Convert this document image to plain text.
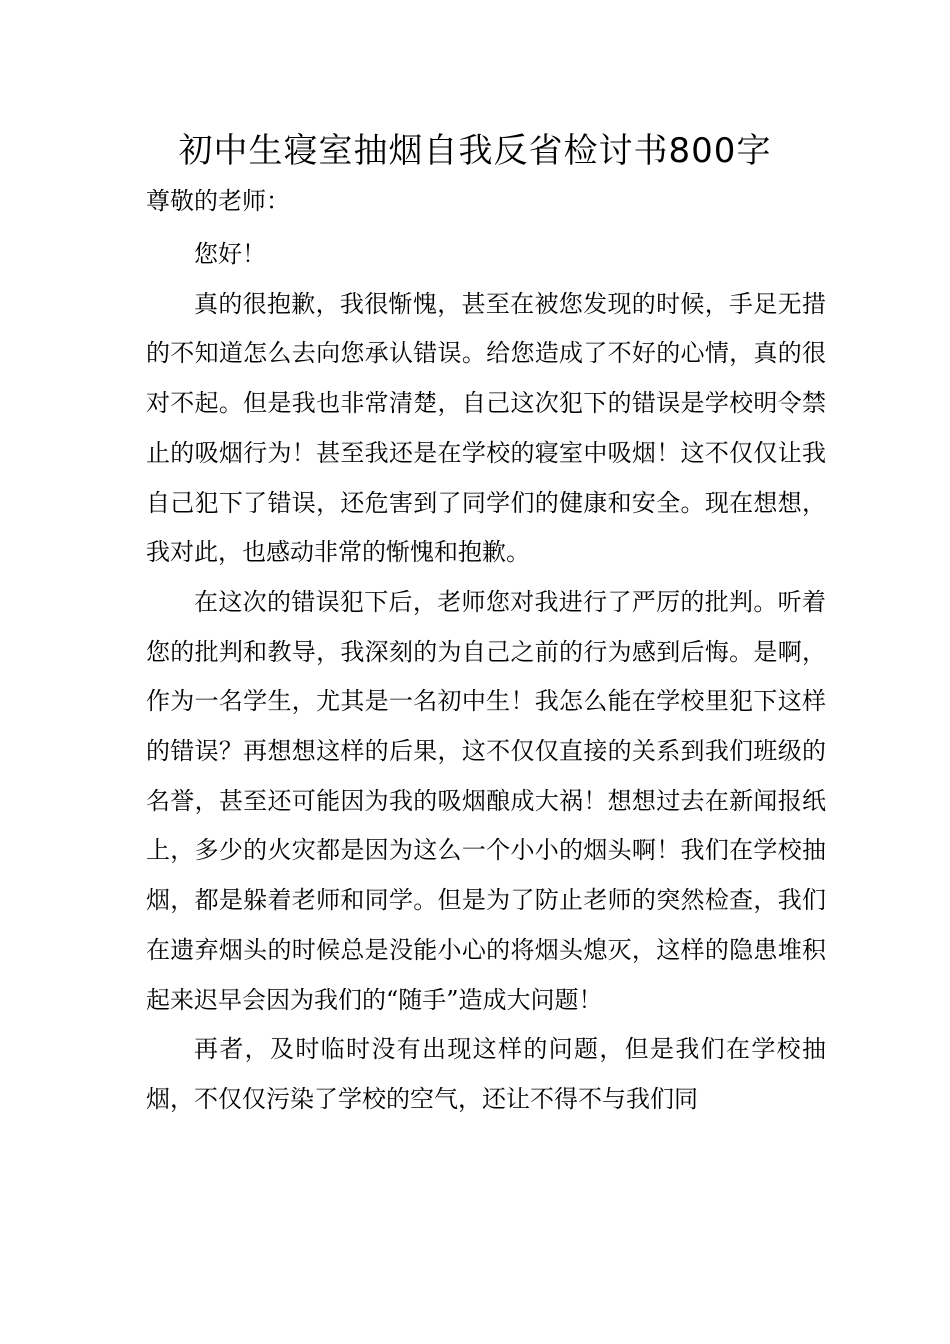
初中生寝室抽烟自我反省检讨书800字
尊敬的老师：

您好！

真的很抱歉，我很惭愧，甚至在被您发现的时候，手足无措的不知道怎么去向您承认错误。给您造成了不好的心情，真的很对不起。但是我也非常清楚，自己这次犯下的错误是学校明令禁止的吸烟行为！甚至我还是在学校的寝室中吸烟！这不仅仅让我自己犯下了错误，还危害到了同学们的健康和安全。现在想想，我对此，也感动非常的惭愧和抱歉。

在这次的错误犯下后，老师您对我进行了严厉的批判。听着您的批判和教导，我深刻的为自己之前的行为感到后悔。是啊，作为一名学生，尤其是一名初中生！我怎么能在学校里犯下这样的错误？再想想这样的后果，这不仅仅直接的关系到我们班级的名誉，甚至还可能因为我的吸烟酿成大祸！想想过去在新闻报纸上，多少的火灾都是因为这么一个小小的烟头啊！我们在学校抽烟，都是躲着老师和同学。但是为了防止老师的突然检查，我们在遗弃烟头的时候总是没能小心的将烟头熄灭，这样的隐患堆积起来迟早会因为我们的“随手”造成大问题！

再者，及时临时没有出现这样的问题，但是我们在学校抽烟，不仅仅污染了学校的空气，还让不得不与我们同
